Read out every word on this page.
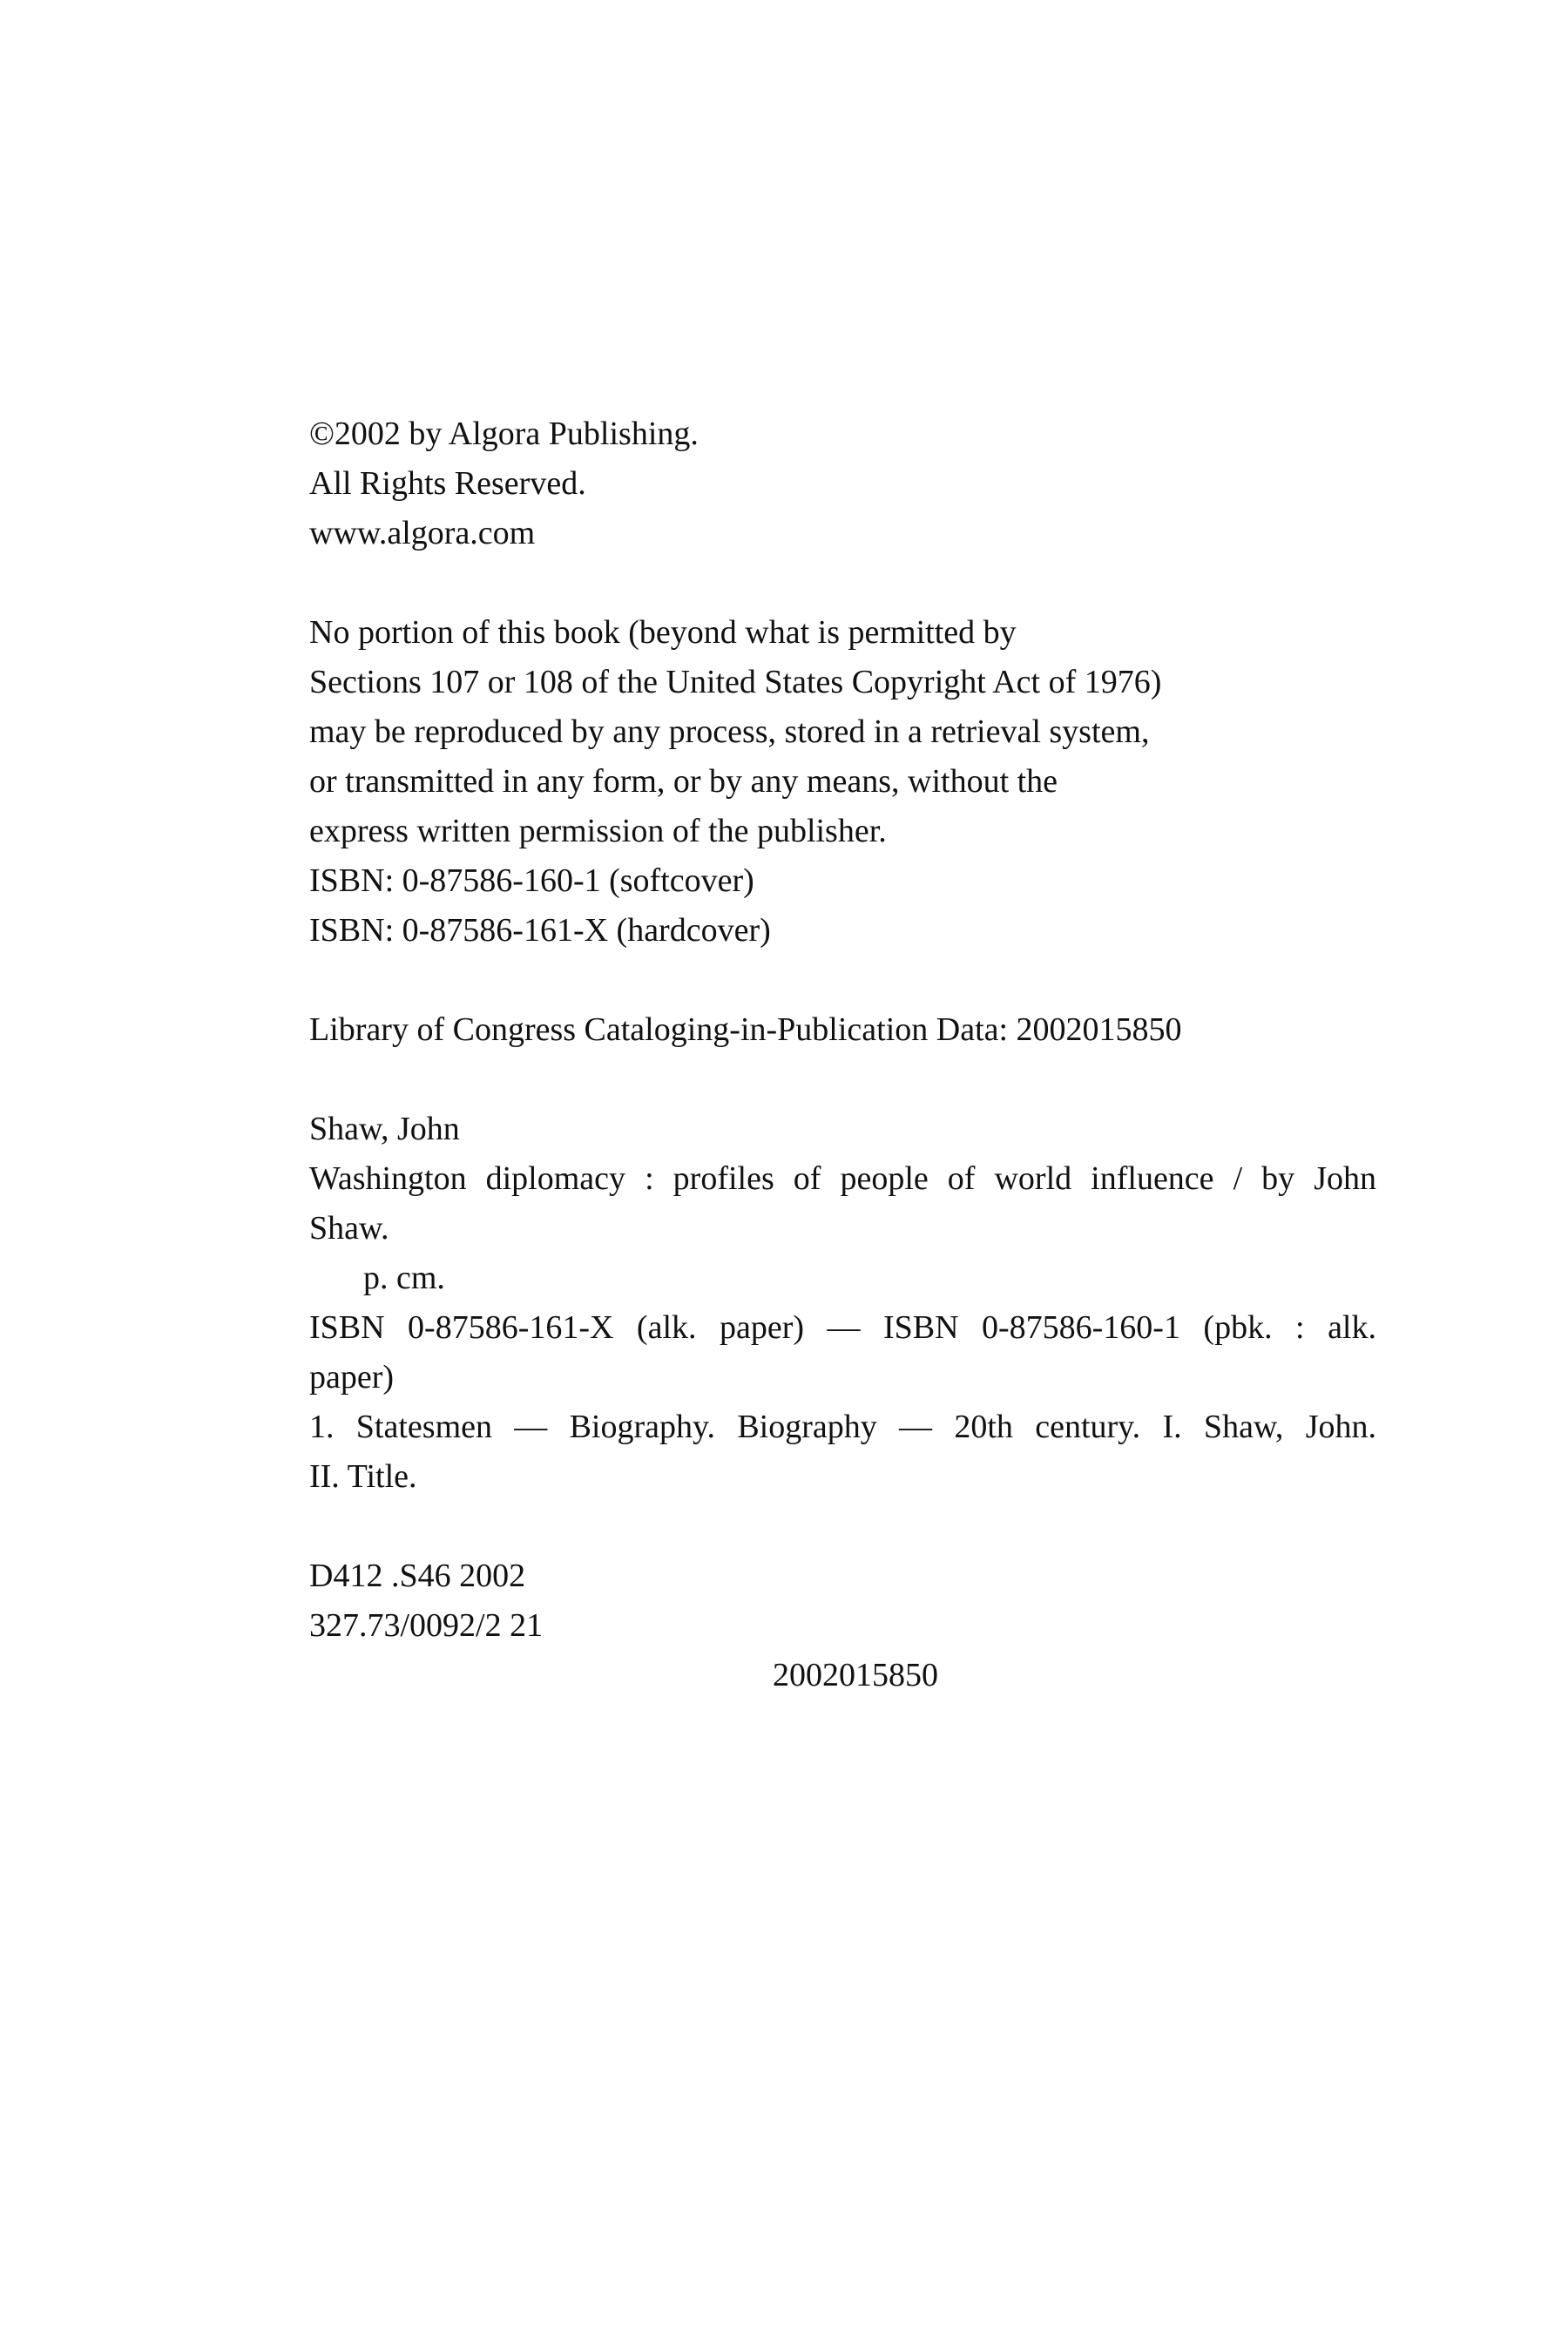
©2002 by Algora Publishing.
All Rights Reserved.
www.algora.com
No portion of this book (beyond what is permitted by
Sections 107 or 108 of the United States Copyright Act of 1976)
may be reproduced by any process, stored in a retrieval system,
or transmitted in any form, or by any means, without the
express written permission of the publisher.
ISBN: 0-87586-160-1 (softcover)
ISBN: 0-87586-161-X (hardcover)
Library of Congress Cataloging-in-Publication Data: 2002015850
Shaw, John
Washington diplomacy : profiles of people of world influence / by John
Shaw.
p. cm.
ISBN 0-87586-161-X (alk. paper) — ISBN 0-87586-160-1 (pbk. : alk.
paper)
1. Statesmen — Biography. Biography — 20th century. I. Shaw, John.
II. Title.
D412 .S46 2002
327.73/0092/2 21
2002015850
